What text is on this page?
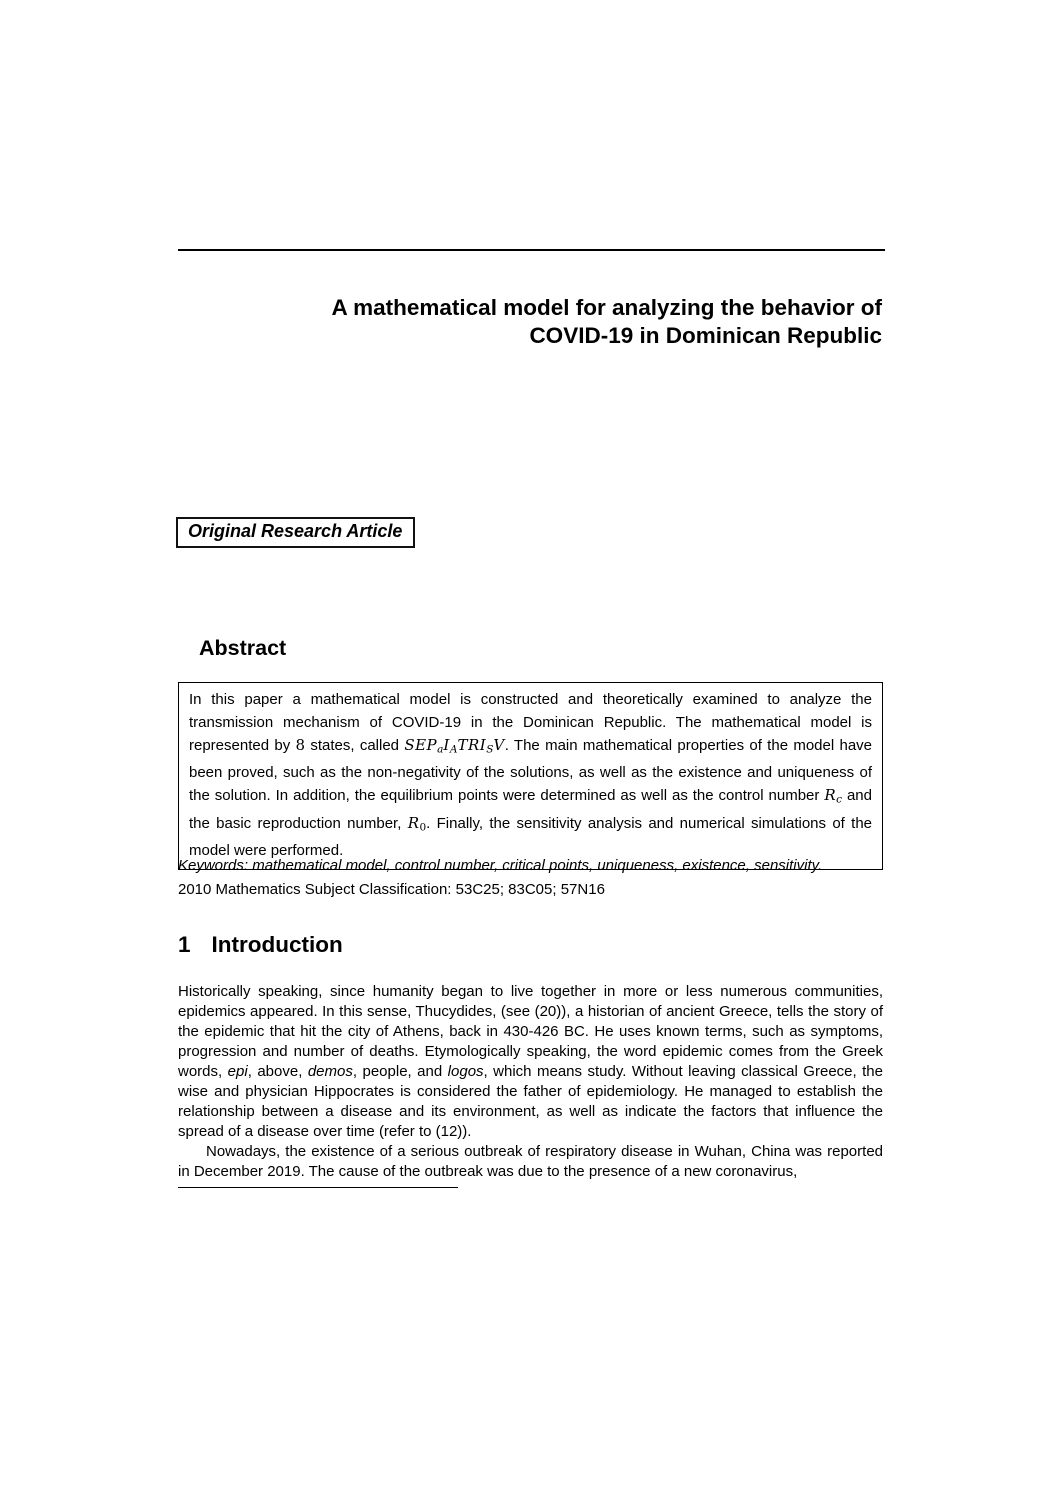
A mathematical model for analyzing the behavior of
COVID-19 in Dominican Republic
Original Research Article
Abstract

In this paper a mathematical model is constructed and theoretically examined to analyze the transmission mechanism of COVID-19 in the Dominican Republic. The mathematical model is represented by 8 states, called SEPaIATRISV. The main mathematical properties of the model have been proved, such as the non-negativity of the solutions, as well as the existence and uniqueness of the solution. In addition, the equilibrium points were determined as well as the control number Rc and the basic reproduction number, R0. Finally, the sensitivity analysis and numerical simulations of the model were performed.

Keywords: mathematical model, control number, critical points, uniqueness, existence, sensitivity.
2010 Mathematics Subject Classification: 53C25; 83C05; 57N16
1 Introduction

Historically speaking, since humanity began to live together in more or less numerous communities, epidemics appeared. In this sense, Thucydides, (see (20)), a historian of ancient Greece, tells the story of the epidemic that hit the city of Athens, back in 430-426 BC. He uses known terms, such as symptoms, progression and number of deaths. Etymologically speaking, the word epidemic comes from the Greek words, epi, above, demos, people, and logos, which means study. Without leaving classical Greece, the wise and physician Hippocrates is considered the father of epidemiology. He managed to establish the relationship between a disease and its environment, as well as indicate the factors that influence the spread of a disease over time (refer to (12)).

Nowadays, the existence of a serious outbreak of respiratory disease in Wuhan, China was reported in December 2019. The cause of the outbreak was due to the presence of a new coronavirus,
